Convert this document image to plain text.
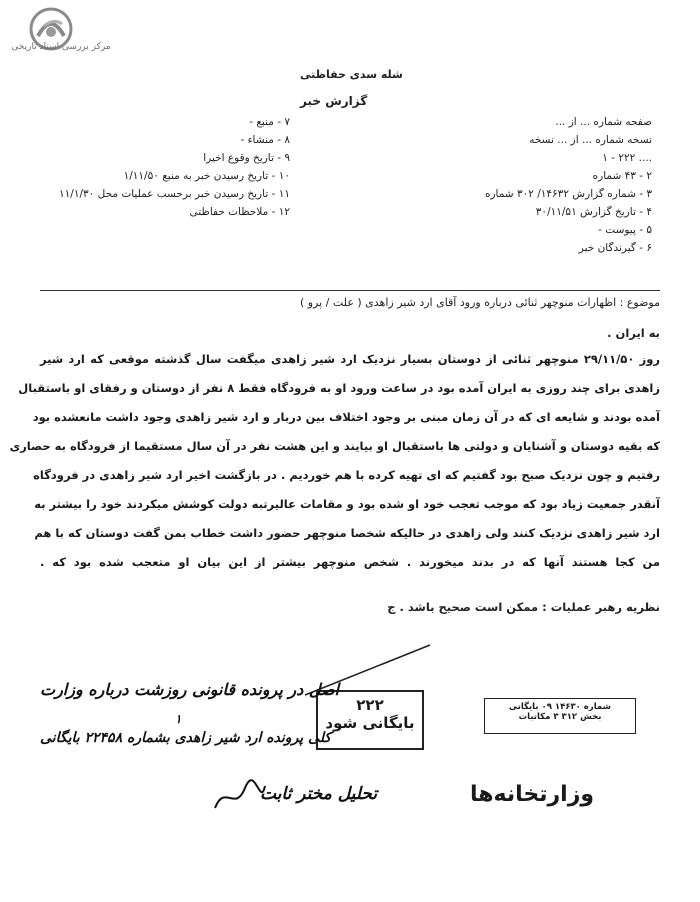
مرکز بررسی اسناد تاریخی
شله سدی حفاظتی
گزارش خبر
صفحه شماره ... از ...
نسخه شماره ... از ... نسخه
۱ - ۲۲۲ ....
۲ - ۴۳ شماره
۳ - شماره گزارش ۱۴۶۳۲/ ۳۰۲ شماره
۴ - تاریخ گزارش ۳۰/۱۱/۵۱
۵ - پیوست -
۶ - گیرندگان خبر
۷ - منبع -
۸ - منشاء -
۹ - تاریخ وقوع اخیرا
۱۰ - تاریخ رسیدن خبر به منبع ۱/۱۱/۵۰
۱۱ - تاریخ رسیدن خبر برحسب عملیات محل ۱۱/۱/۳۰
۱۲ - ملاحظات حفاظتی
موضوع : اظهارات منوچهر ثنائی درباره ورود آقای ارد شیر زاهدی ( علت / پرو )
به ایران .
روز ۲۹/۱۱/۵۰ منوچهر ثنائی از دوستان بسیار نزدیک ارد شیر زاهدی میگفت سال گذشته موقعی که ارد شیر
زاهدی برای چند روزی به ایران آمده بود در ساعت ورود او به فرودگاه فقط ۸ نفر از دوستان و رفقای او باستقبال
آمده بودند و شایعه ای که در آن زمان مبنی بر وجود اختلاف بین دربار و ارد شیر زاهدی وجود داشت مانعشده بود
که بقیه دوستان و آشنایان و دولتی ها باستقبال او بیایند و این هشت نفر در آن سال مستقیما از فرودگاه به حصاری
رفتیم و چون نزدیک صبح بود گفتیم که ای تهیه کرده با هم خوردیم . در بازگشت اخیر ارد شیر زاهدی در فرودگاه
آنقدر جمعیت زیاد بود که موجب تعجب خود او شده بود و مقامات عالیرتبه دولت کوشش میکردند خود را بیشتر به
ارد شیر زاهدی نزدیک کنند ولی زاهدی در حالیکه شخصا منوچهر حضور داشت خطاب بمن گفت دوستان که با هم
من کجا هستند آنها که در بدند میخورند . شخص منوچهر بیشتر از این بیان او متعجب شده بود که .
نظریه رهبر عملیات : ممکن است صحیح باشد . ج
۲۲۲
بایگانی شود
شماره ۱۴۶۳۰ ۰۹ بایگانی
بخش ۳۱۲ ۳ مکاتبات
اصل در پرونده قانونی روزشت درباره وزارت
کلی پرونده ارد شیر زاهدی بشماره ۲۲۴۵۸ بایگانی
۱
تحلیل مختر ثابت	وزارتخانه‌ها
